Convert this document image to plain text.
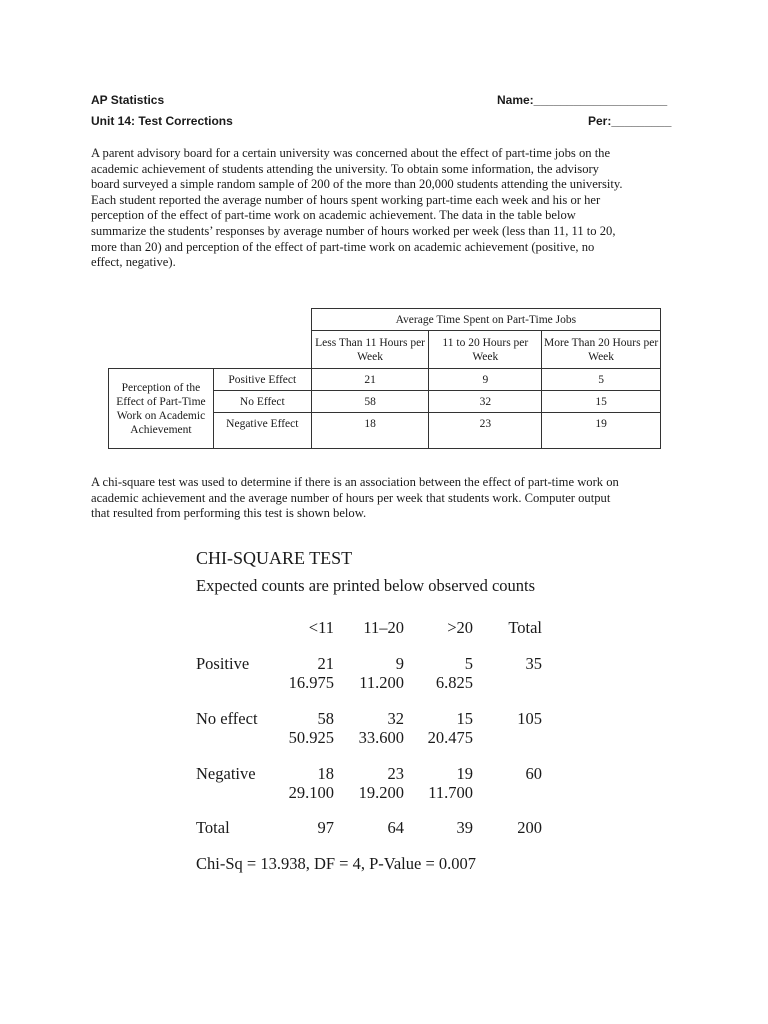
AP Statistics
Unit 14: Test Corrections
Name:____________________
Per:_________
A parent advisory board for a certain university was concerned about the effect of part-time jobs on the
academic achievement of students attending the university. To obtain some information, the advisory
board surveyed a simple random sample of 200 of the more than 20,000 students attending the university.
Each student reported the average number of hours spent working part-time each week and his or her
perception of the effect of part-time work on academic achievement. The data in the table below
summarize the students’ responses by average number of hours worked per week (less than 11, 11 to 20,
more than 20) and perception of the effect of part-time work on academic achievement (positive, no
effect, negative).
		Average Time Spent on Part-Time Jobs		
		Less Than 11 Hours per Week	11 to 20 Hours per Week	More Than 20 Hours per Week
Perception of the Effect of Part-Time Work on Academic Achievement	Positive Effect	21	9	5
	No Effect	58	32	15
	Negative Effect	18	23	19
A chi-square test was used to determine if there is an association between the effect of part-time work on
academic achievement and the average number of hours per week that students work. Computer output
that resulted from performing this test is shown below.
CHI-SQUARE TEST
Expected counts are printed below observed counts
<11	11–20	>20	Total
Positive	21	9	5	35
16.975	11.200	6.825
No effect	58	32	15	105
50.925	33.600	20.475
Negative	18	23	19	60
29.100	19.200	11.700
Total	97	64	39	200
Chi-Sq = 13.938, DF = 4, P-Value = 0.007
